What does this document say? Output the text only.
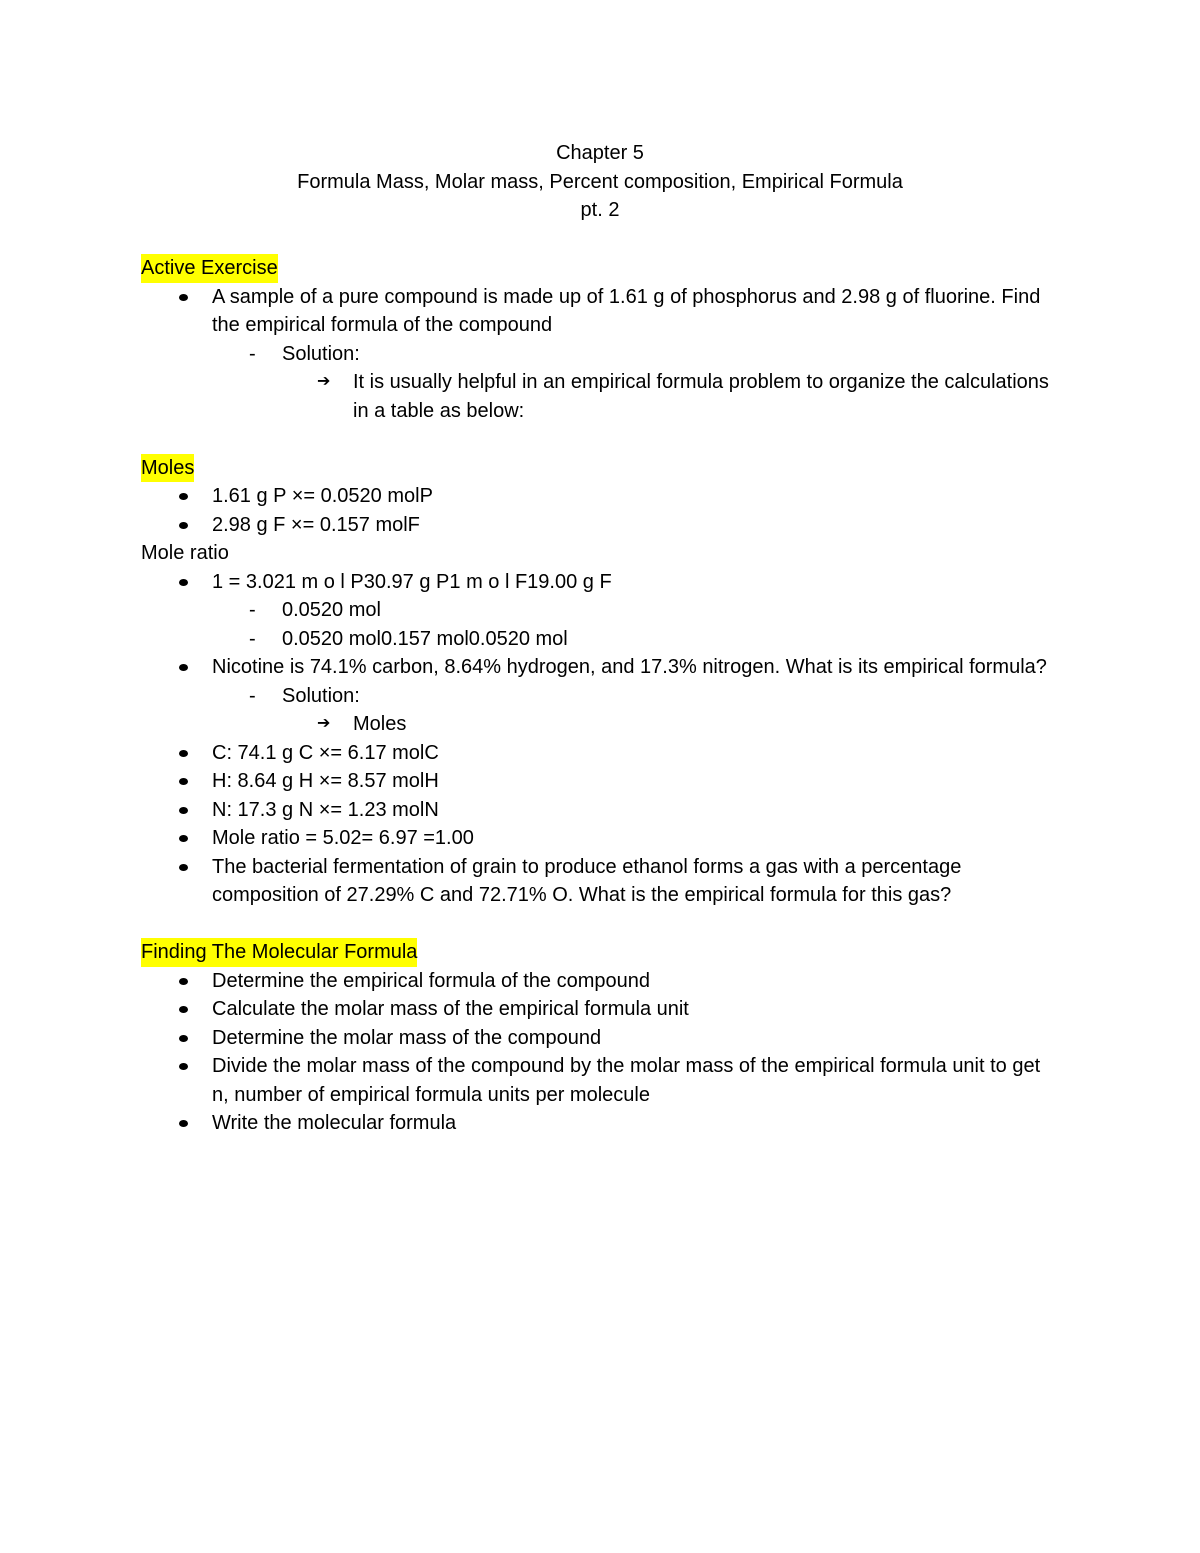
Chapter 5
Formula Mass, Molar mass, Percent composition, Empirical Formula
pt. 2
Active Exercise
A sample of a pure compound is made up of 1.61 g of phosphorus and 2.98 g of fluorine. Find the empirical formula of the compound
- Solution:
➔ It is usually helpful in an empirical formula problem to organize the calculations in a table as below:
Moles
1.61 g P ×= 0.0520 molP
2.98 g F ×= 0.157 molF
Mole ratio
1 = 3.021 m o l P30.97 g P1 m o l F19.00 g F
- 0.0520 mol
- 0.0520 mol0.157 mol0.0520 mol
Nicotine is 74.1% carbon, 8.64% hydrogen, and 17.3% nitrogen. What is its empirical formula?
- Solution:
➔ Moles
C: 74.1 g C ×= 6.17 molC
H: 8.64 g H ×= 8.57 molH
N: 17.3 g N ×= 1.23 molN
Mole ratio = 5.02= 6.97 =1.00
The bacterial fermentation of grain to produce ethanol forms a gas with a percentage composition of 27.29% C and 72.71% O. What is the empirical formula for this gas?
Finding The Molecular Formula
Determine the empirical formula of the compound
Calculate the molar mass of the empirical formula unit
Determine the molar mass of the compound
Divide the molar mass of the compound by the molar mass of the empirical formula unit to get n, number of empirical formula units per molecule
Write the molecular formula
